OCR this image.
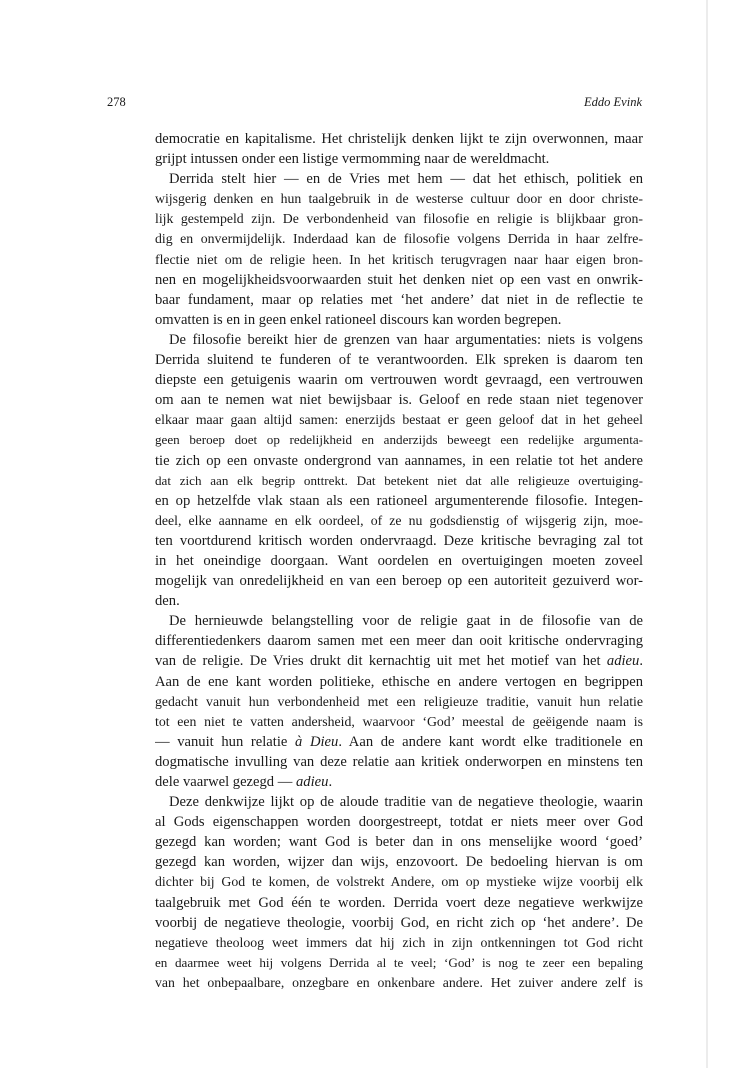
278	Eddo Evink
democratie en kapitalisme. Het christelijk denken lijkt te zijn overwonnen, maar
grijpt intussen onder een listige vermomming naar de wereldmacht.
Derrida stelt hier — en de Vries met hem — dat het ethisch, politiek en
wijsgerig denken en hun taalgebruik in de westerse cultuur door en door christe-
lijk gestempeld zijn. De verbondenheid van filosofie en religie is blijkbaar gron-
dig en onvermijdelijk. Inderdaad kan de filosofie volgens Derrida in haar zelfre-
flectie niet om de religie heen. In het kritisch terugvragen naar haar eigen bron-
nen en mogelijkheidsvoorwaarden stuit het denken niet op een vast en onwrik-
baar fundament, maar op relaties met ‘het andere’ dat niet in de reflectie te
omvatten is en in geen enkel rationeel discours kan worden begrepen.
De filosofie bereikt hier de grenzen van haar argumentaties: niets is volgens
Derrida sluitend te funderen of te verantwoorden. Elk spreken is daarom ten
diepste een getuigenis waarin om vertrouwen wordt gevraagd, een vertrouwen
om aan te nemen wat niet bewijsbaar is. Geloof en rede staan niet tegenover
elkaar maar gaan altijd samen: enerzijds bestaat er geen geloof dat in het geheel
geen beroep doet op redelijkheid en anderzijds beweegt een redelijke argumenta-
tie zich op een onvaste ondergrond van aannames, in een relatie tot het andere
dat zich aan elk begrip onttrekt. Dat betekent niet dat alle religieuze overtuiging-
en op hetzelfde vlak staan als een rationeel argumenterende filosofie. Integen-
deel, elke aanname en elk oordeel, of ze nu godsdienstig of wijsgerig zijn, moe-
ten voortdurend kritisch worden ondervraagd. Deze kritische bevraging zal tot
in het oneindige doorgaan. Want oordelen en overtuigingen moeten zoveel
mogelijk van onredelijkheid en van een beroep op een autoriteit gezuiverd wor-
den.
De hernieuwde belangstelling voor de religie gaat in de filosofie van de
differentiedenkers daarom samen met een meer dan ooit kritische ondervraging
van de religie. De Vries drukt dit kernachtig uit met het motief van het adieu.
Aan de ene kant worden politieke, ethische en andere vertogen en begrippen
gedacht vanuit hun verbondenheid met een religieuze traditie, vanuit hun relatie
tot een niet te vatten andersheid, waarvoor ‘God’ meestal de geëigende naam is
— vanuit hun relatie à Dieu. Aan de andere kant wordt elke traditionele en
dogmatische invulling van deze relatie aan kritiek onderworpen en minstens ten
dele vaarwel gezegd — adieu.
Deze denkwijze lijkt op de aloude traditie van de negatieve theologie, waarin
al Gods eigenschappen worden doorgestreept, totdat er niets meer over God
gezegd kan worden; want God is beter dan in ons menselijke woord ‘goed’
gezegd kan worden, wijzer dan wijs, enzovoort. De bedoeling hiervan is om
dichter bij God te komen, de volstrekt Andere, om op mystieke wijze voorbij elk
taalgebruik met God één te worden. Derrida voert deze negatieve werkwijze
voorbij de negatieve theologie, voorbij God, en richt zich op ‘het andere’. De
negatieve theoloog weet immers dat hij zich in zijn ontkenningen tot God richt
en daarmee weet hij volgens Derrida al te veel; ‘God’ is nog te zeer een bepaling
van het onbepaalbare, onzegbare en onkenbare andere. Het zuiver andere zelf is
